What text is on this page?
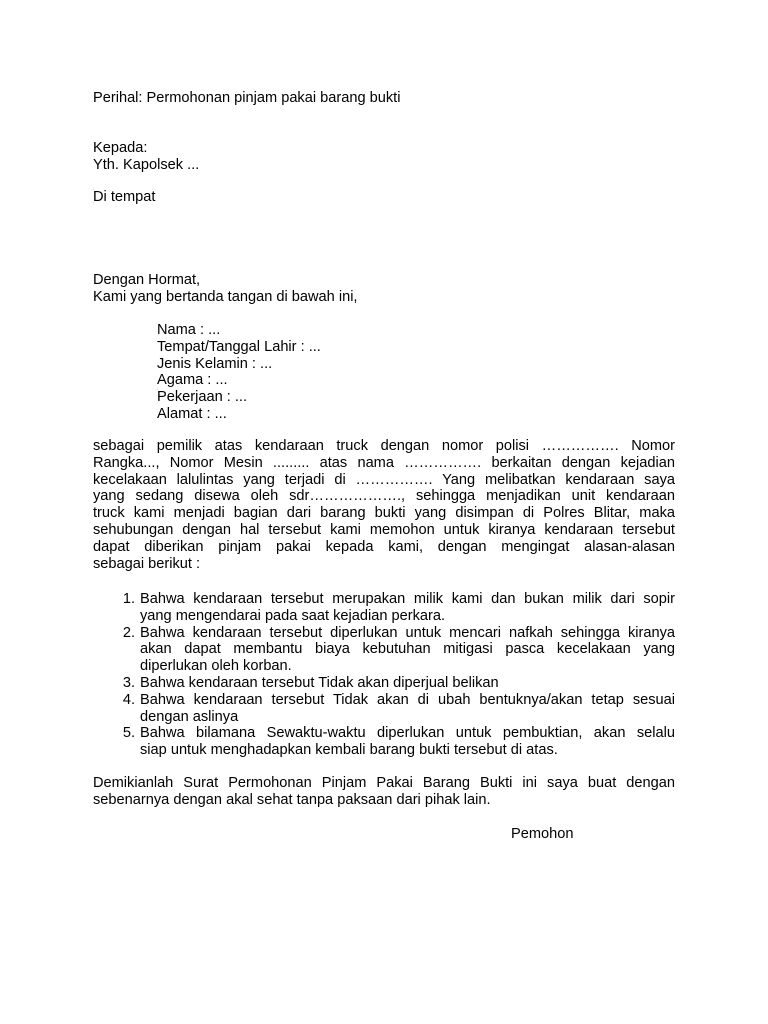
Perihal: Permohonan pinjam pakai barang bukti
Kepada:
Yth. Kapolsek ...
Di tempat
Dengan Hormat,
Kami yang bertanda tangan di bawah ini,
Nama : ...
Tempat/Tanggal Lahir : ...
Jenis Kelamin : ...
Agama : ...
Pekerjaan : ...
Alamat : ...
sebagai pemilik atas kendaraan truck dengan nomor polisi ……………. Nomor
Rangka..., Nomor Mesin ......... atas nama ……………. berkaitan dengan kejadian
kecelakaan lalulintas yang terjadi di ……………. Yang melibatkan kendaraan saya
yang sedang disewa oleh sdr………………., sehingga menjadikan unit kendaraan
truck kami menjadi bagian dari barang bukti yang disimpan di Polres Blitar, maka
sehubungan dengan hal tersebut kami memohon untuk kiranya kendaraan tersebut
dapat diberikan pinjam pakai kepada kami, dengan mengingat alasan-alasan
sebagai berikut :
1. Bahwa kendaraan tersebut merupakan milik kami dan bukan milik dari sopir
yang mengendarai pada saat kejadian perkara.
2. Bahwa kendaraan tersebut diperlukan untuk mencari nafkah sehingga kiranya
akan dapat membantu biaya kebutuhan mitigasi pasca kecelakaan yang
diperlukan oleh korban.
3. Bahwa kendaraan tersebut Tidak akan diperjual belikan
4. Bahwa kendaraan tersebut Tidak akan di ubah bentuknya/akan tetap sesuai
dengan aslinya
5. Bahwa bilamana Sewaktu-waktu diperlukan untuk pembuktian, akan selalu
siap untuk menghadapkan kembali barang bukti tersebut di atas.
Demikianlah Surat Permohonan Pinjam Pakai Barang Bukti ini saya buat dengan
sebenarnya dengan akal sehat tanpa paksaan dari pihak lain.
Pemohon
